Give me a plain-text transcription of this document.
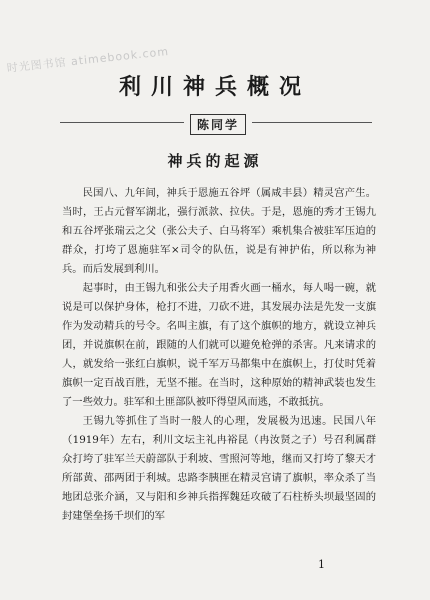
时光图书馆 atimebook.com
利川神兵概况
陈同学
神兵的起源

民国八、九年间，神兵于恩施五谷坪（属咸丰县）精灵宫产生。当时，王占元督军湖北，强行派款、拉伕。于是，恩施的秀才王锡九和五谷坪张瑞云之父（张公夫子、白马将军）乘机集合被驻军压迫的群众，打垮了恩施驻军×司令的队伍，说是有神护佑，所以称为神兵。而后发展到利川。

起事时，由王锡九和张公夫子用香火画一桶水，每人喝一碗，就说是可以保护身体，枪打不进，刀砍不进，其发展办法是先发一支旗作为发动精兵的号令。名叫主旗，有了这个旗帜的地方，就设立神兵团，并说旗帜在前，跟随的人们就可以避免枪弹的杀害。凡来请求的人，就发给一张红白旗帜，说千军万马都集中在旗帜上，打仗时凭着旗帜一定百战百胜，无坚不摧。在当时，这种原始的精神武装也发生了一些效力。驻军和土匪部队被吓得望风而逃，不敢抵抗。

王锡九等抓住了当时一般人的心理，发展极为迅速。民国八年（1919年）左右，利川文坛主礼冉裕昆（冉汝贤之子）号召利属群众打垮了驻军兰天蔚部队于利坡、雪照河等地，继而又打垮了黎天才所部黄、邵两团于利城。忠路李胰匪在精灵宫请了旗帜，率众杀了当地团总张介涵，又与阳和乡神兵指挥魏廷攻破了石柱桥头坝最坚固的封建堡垒扬千坝们的军

1
